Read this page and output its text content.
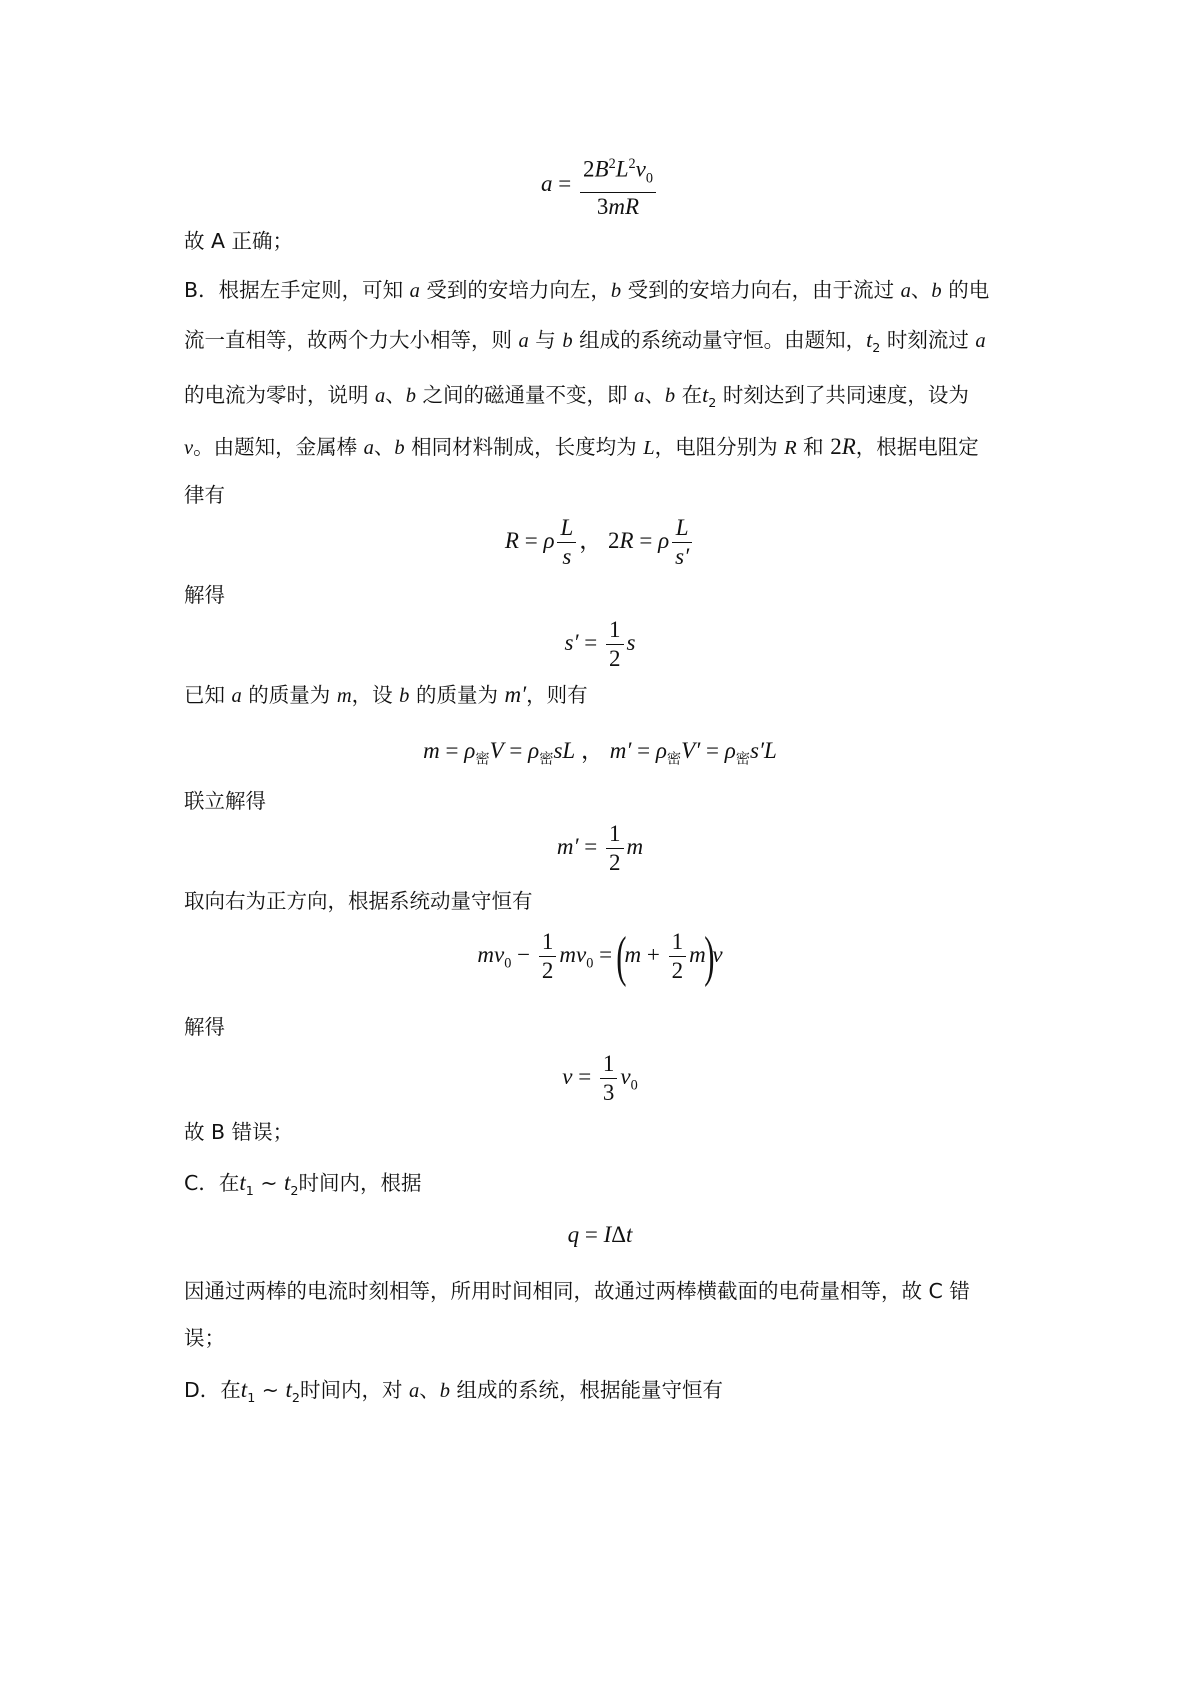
$a = \frac{2B^2L^2v_0}{3mR}$
故 A 正确；
B．根据左手定则，可知 a 受到的安培力向左，b 受到的安培力向右，由于流过 a、b 的电
流一直相等，故两个力大小相等，则 a 与 b 组成的系统动量守恒。由题知，$t_2$ 时刻流过 a
的电流为零时，说明 a、b 之间的磁通量不变，即 a、b 在$t_2$ 时刻达到了共同速度，设为
v。由题知，金属棒 a、b 相同材料制成，长度均为 L，电阻分别为 R 和 2R，根据电阻定
律有
R = ρ $\frac{L}{s}$ ， 2R = ρ $\frac{L}{s'}$
解得
$s' = \frac{1}{2}$ s
已知 a 的质量为 m，设 b 的质量为 m′，则有
$m = \rho_密V = \rho_密sL$ ， $m' = \rho_密V' = \rho_密s'L$
联立解得
$m' = \frac{1}{2}$ m
取向右为正方向，根据系统动量守恒有
$mv_0 - \frac{1}{2} mv_0 = (m + \frac{1}{2} m)v$
解得
$v = \frac{1}{3} v_0$
故 B 错误；
C．在$t_1$ ~ $t_2$时间内，根据
q = IΔt
因通过两棒的电流时刻相等，所用时间相同，故通过两棒横截面的电荷量相等，故 C 错
误；
D．在$t_1$ ~ $t_2$时间内，对 a、b 组成的系统，根据能量守恒有
